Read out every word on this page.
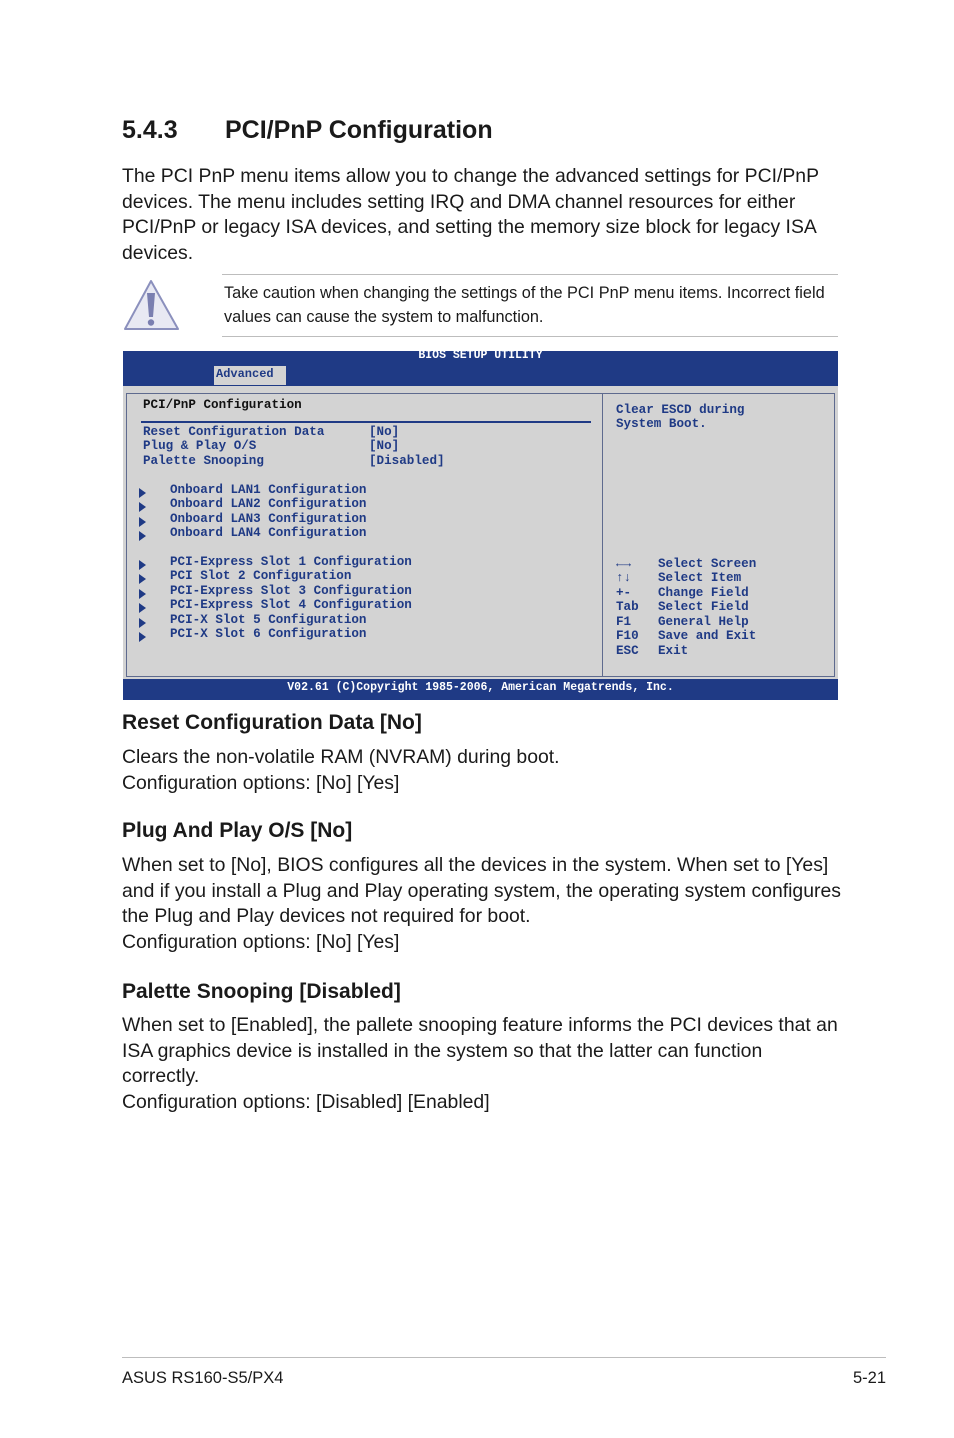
5.4.3 PCI/PnP Configuration

The PCI PnP menu items allow you to change the advanced settings for PCI/PnP devices. The menu includes setting IRQ and DMA channel resources for either PCI/PnP or legacy ISA devices, and setting the memory size block for legacy ISA devices.

Take caution when changing the settings of the PCI PnP menu items. Incorrect field values can cause the system to malfunction.

BIOS SETUP UTILITY
Advanced
PCI/PnP Configuration
Reset Configuration Data
Plug & Play O/S
Palette Snooping
[No]
[No]
[Disabled]
Onboard LAN1 Configuration
Onboard LAN2 Configuration
Onboard LAN3 Configuration
Onboard LAN4 Configuration
PCI-Express Slot 1 Configuration
PCI Slot 2 Configuration
PCI-Express Slot 3 Configuration
PCI-Express Slot 4 Configuration
PCI-X Slot 5 Configuration
PCI-X Slot 6 Configuration
Clear ESCD during
System Boot.
←→
↑↓
+-
Tab
F1
F10
ESC
Select Screen
Select Item
Change Field
Select Field
General Help
Save and Exit
Exit
V02.61 (C)Copyright 1985-2006, American Megatrends, Inc.
Reset Configuration Data [No]

Clears the non-volatile RAM (NVRAM) during boot.

Configuration options: [No] [Yes]

Plug And Play O/S [No]

When set to [No], BIOS configures all the devices in the system. When set to [Yes] and if you install a Plug and Play operating system, the operating system configures the Plug and Play devices not required for boot.

Configuration options: [No] [Yes]

Palette Snooping [Disabled]

When set to [Enabled], the pallete snooping feature informs the PCI devices that an ISA graphics device is installed in the system so that the latter can function correctly.

Configuration options: [Disabled] [Enabled]

ASUS RS160-S5/PX4	5-21
